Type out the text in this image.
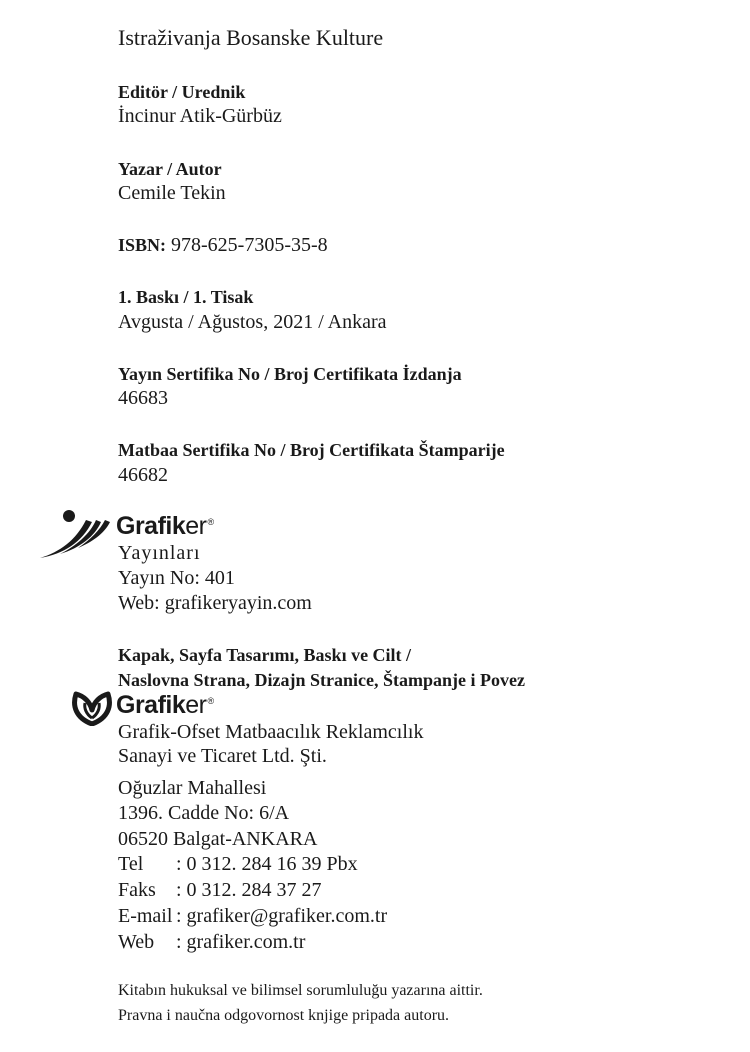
Istraživanja Bosanske Kulture
Editör / Urednik
İncinur Atik-Gürbüz
Yazar / Autor
Cemile Tekin
ISBN: 978-625-7305-35-8
1. Baskı / 1. Tisak
Avgusta / Ağustos, 2021 / Ankara
Yayın Sertifika No / Broj Certifikata İzdanja
46683
Matbaa Sertifika No / Broj Certifikata Štamparije
46682
Grafiker®
Yayınları
Yayın No: 401
Web: grafikeryayin.com
Kapak, Sayfa Tasarımı, Baskı ve Cilt /
Naslovna Strana, Dizajn Stranice, Štampanje i Povez
Grafiker®
Grafik-Ofset Matbaacılık Reklamcılık
Sanayi ve Ticaret Ltd. Şti.
Oğuzlar Mahallesi
1396. Cadde No: 6/A
06520 Balgat-ANKARA
Tel : 0 312. 284 16 39 Pbx
Faks : 0 312. 284 37 27
E-mail : grafiker@grafiker.com.tr
Web : grafiker.com.tr
Kitabın hukuksal ve bilimsel sorumluluğu yazarına aittir.
Pravna i naučna odgovornost knjige pripada autoru.
